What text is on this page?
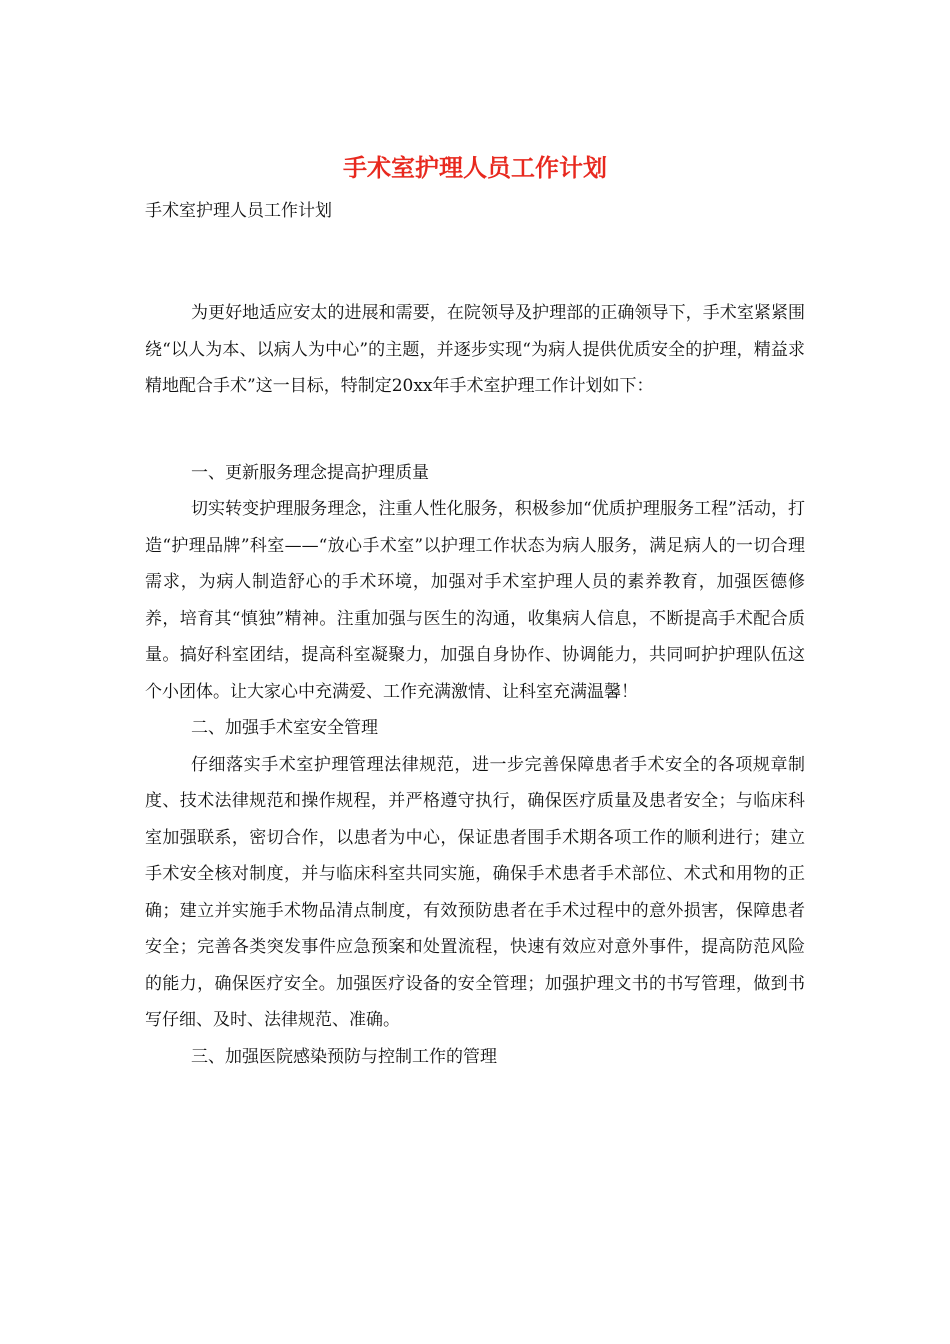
手术室护理人员工作计划
手术室护理人员工作计划

为更好地适应安太的进展和需要，在院领导及护理部的正确领导下，手术室紧紧围绕“以人为本、以病人为中心”的主题，并逐步实现“为病人提供优质安全的护理，精益求精地配合手术”这一目标，特制定20xx年手术室护理工作计划如下：

一、更新服务理念提高护理质量

切实转变护理服务理念，注重人性化服务，积极参加“优质护理服务工程”活动，打造“护理品牌”科室——“放心手术室”以护理工作状态为病人服务，满足病人的一切合理需求，为病人制造舒心的手术环境，加强对手术室护理人员的素养教育，加强医德修养，培育其“慎独”精神。注重加强与医生的沟通，收集病人信息，不断提高手术配合质量。搞好科室团结，提高科室凝聚力，加强自身协作、协调能力，共同呵护护理队伍这个小团体。让大家心中充满爱、工作充满激情、让科室充满温馨！

二、加强手术室安全管理

仔细落实手术室护理管理法律规范，进一步完善保障患者手术安全的各项规章制度、技术法律规范和操作规程，并严格遵守执行，确保医疗质量及患者安全；与临床科室加强联系，密切合作，以患者为中心，保证患者围手术期各项工作的顺利进行；建立手术安全核对制度，并与临床科室共同实施，确保手术患者手术部位、术式和用物的正确；建立并实施手术物品清点制度，有效预防患者在手术过程中的意外损害，保障患者安全；完善各类突发事件应急预案和处置流程，快速有效应对意外事件，提高防范风险的能力，确保医疗安全。加强医疗设备的安全管理；加强护理文书的书写管理，做到书写仔细、及时、法律规范、准确。

三、加强医院感染预防与控制工作的管理
